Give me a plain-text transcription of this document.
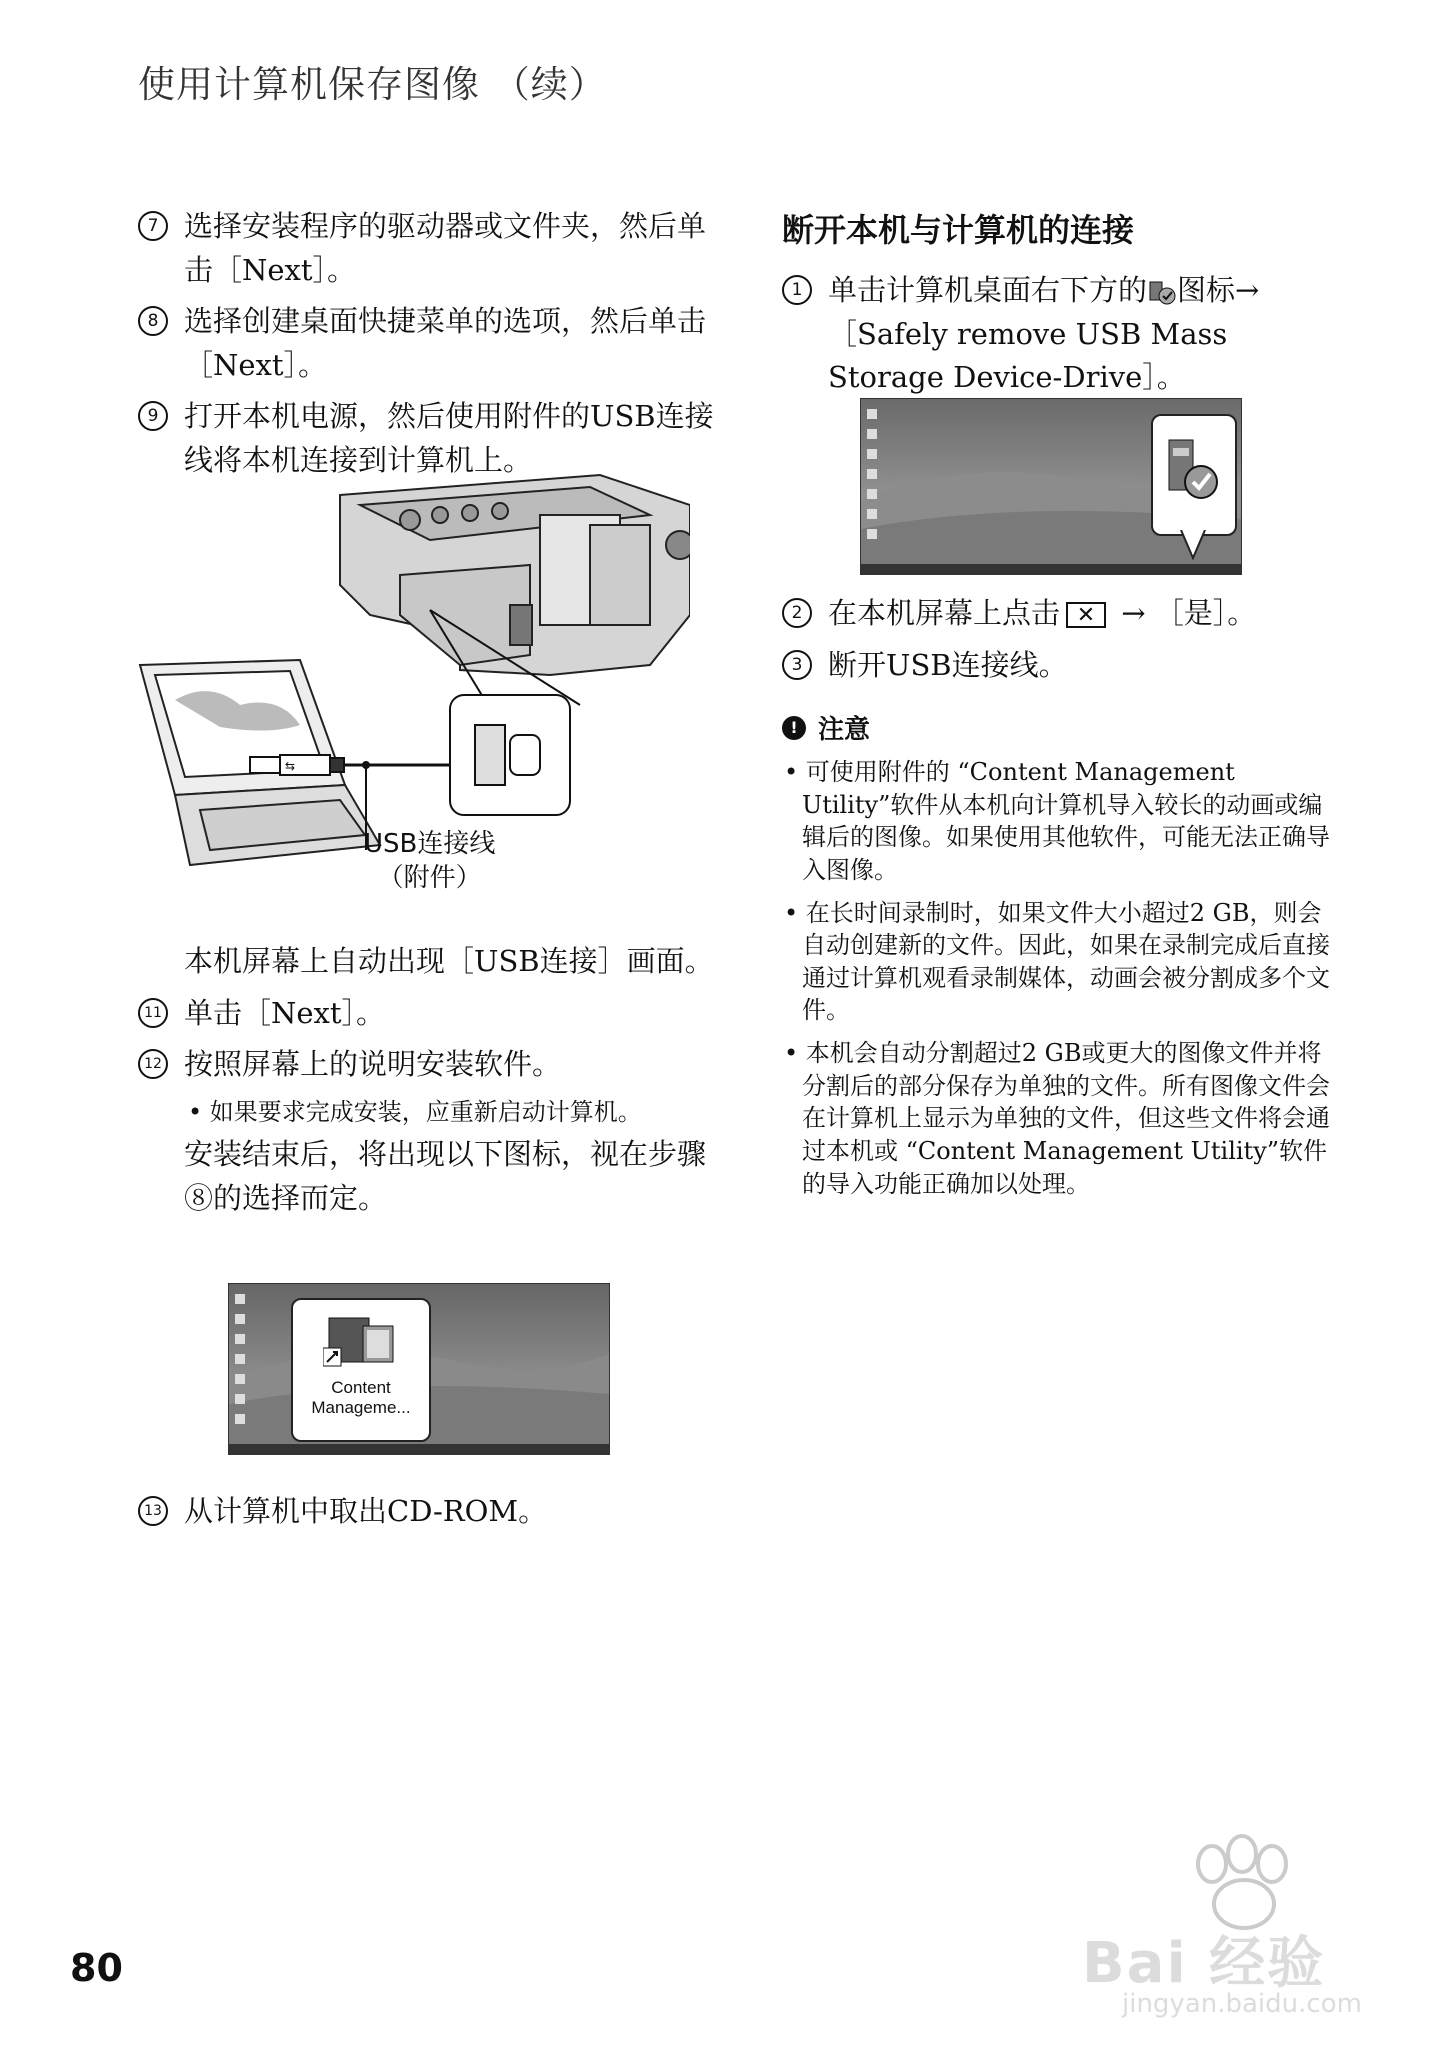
使用计算机保存图像 （续）
7 选择安装程序的驱动器或文件夹，然后单击［Next］。
8 选择创建桌面快捷菜单的选项，然后单击［Next］。
9 打开本机电源，然后使用附件的USB连接线将本机连接到计算机上。
⇆
USB连接线
（附件）
本机屏幕上自动出现［USB连接］画面。
11 单击［Next］。
12 按照屏幕上的说明安装软件。
• 如果要求完成安装，应重新启动计算机。
安装结束后，将出现以下图标，视在步骤⑧的选择而定。
Content
Manageme...
13 从计算机中取出CD-ROM。
断开本机与计算机的连接
1 单击计算机桌面右下方的 图标→［Safely remove USB Mass Storage Device-Drive］。
2 在本机屏幕上点击 ✕ → ［是］。
3 断开USB连接线。
! 注意
• 可使用附件的 “Content Management Utility”软件从本机向计算机导入较长的动画或编辑后的图像。如果使用其他软件，可能无法正确导入图像。
• 在长时间录制时，如果文件大小超过2 GB，则会自动创建新的文件。因此，如果在录制完成后直接通过计算机观看录制媒体，动画会被分割成多个文件。
• 本机会自动分割超过2 GB或更大的图像文件并将分割后的部分保存为单独的文件。所有图像文件会在计算机上显示为单独的文件，但这些文件将会通过本机或 “Content Management Utility”软件的导入功能正确加以处理。
80	Bai 经验
jingyan.baidu.com
